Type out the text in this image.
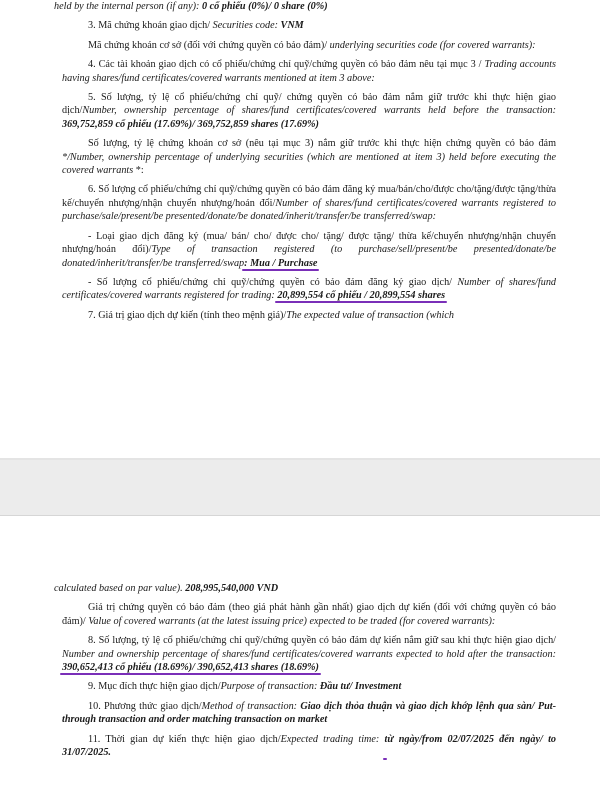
held by the internal person (if any): 0 cổ phiếu (0%)/ 0 share (0%)

3. Mã chứng khoán giao dịch/ Securities code: VNM

Mã chứng khoán cơ sở (đối với chứng quyền có bảo đảm)/ underlying securities code (for covered warrants):

4. Các tài khoản giao dịch có cổ phiếu/chứng chỉ quỹ/chứng quyền có bảo đảm nêu tại mục 3 / Trading accounts having shares/fund certificates/covered warrants mentioned at item 3 above:

5. Số lượng, tỷ lệ cổ phiếu/chứng chỉ quỹ/ chứng quyền có bảo đảm nắm giữ trước khi thực hiện giao dịch/Number, ownership percentage of shares/fund certificates/covered warrants held before the transaction: 369,752,859 cổ phiếu (17.69%)/ 369,752,859 shares (17.69%)

Số lượng, tỷ lệ chứng khoán cơ sở (nêu tại mục 3) nắm giữ trước khi thực hiện chứng quyền có bảo đảm */Number, ownership percentage of underlying securities (which are mentioned at item 3) held before executing the covered warrants *:

6. Số lượng cổ phiếu/chứng chỉ quỹ/chứng quyền có bảo đảm đăng ký mua/bán/cho/được cho/tặng/được tặng/thừa kế/chuyển nhượng/nhận chuyển nhượng/hoán đổi/Number of shares/fund certificates/covered warrants registered to purchase/sale/present/be presented/donate/be donated/inherit/transfer/be transferred/swap:

- Loại giao dịch đăng ký (mua/ bán/ cho/ được cho/ tặng/ được tặng/ thừa kế/chuyển nhượng/nhận chuyển nhượng/hoán đổi)/Type of transaction registered (to purchase/sell/present/be presented/donate/be donated/inherit/transfer/be transferred/swap: Mua / Purchase

- Số lượng cổ phiếu/chứng chỉ quỹ/chứng quyền có bảo đảm đăng ký giao dịch/ Number of shares/fund certificates/covered warrants registered for trading: 20,899,554 cổ phiếu / 20,899,554 shares

7. Giá trị giao dịch dự kiến (tính theo mệnh giá)/The expected value of transaction (which

calculated based on par value). 208,995,540,000 VND

Giá trị chứng quyền có bảo đảm (theo giá phát hành gần nhất) giao dịch dự kiến (đối với chứng quyền có bảo đảm)/ Value of covered warrants (at the latest issuing price) expected to be traded (for covered warrants):

8. Số lượng, tỷ lệ cổ phiếu/chứng chỉ quỹ/chứng quyền có bảo đảm dự kiến nắm giữ sau khi thực hiện giao dịch/ Number and ownership percentage of shares/fund certificates/covered warrants expected to hold after the transaction: 390,652,413 cổ phiếu (18.69%)/ 390,652,413 shares (18.69%)

9. Mục đích thực hiện giao dịch/Purpose of transaction: Đầu tư/ Investment

10. Phương thức giao dịch/Method of transaction: Giao dịch thỏa thuận và giao dịch khớp lệnh qua sàn/ Put-through transaction and order matching transaction on market

11. Thời gian dự kiến thực hiện giao dịch/Expected trading time: từ ngày/from 02/07/2025 đến ngày/ to 31/07/2025.
